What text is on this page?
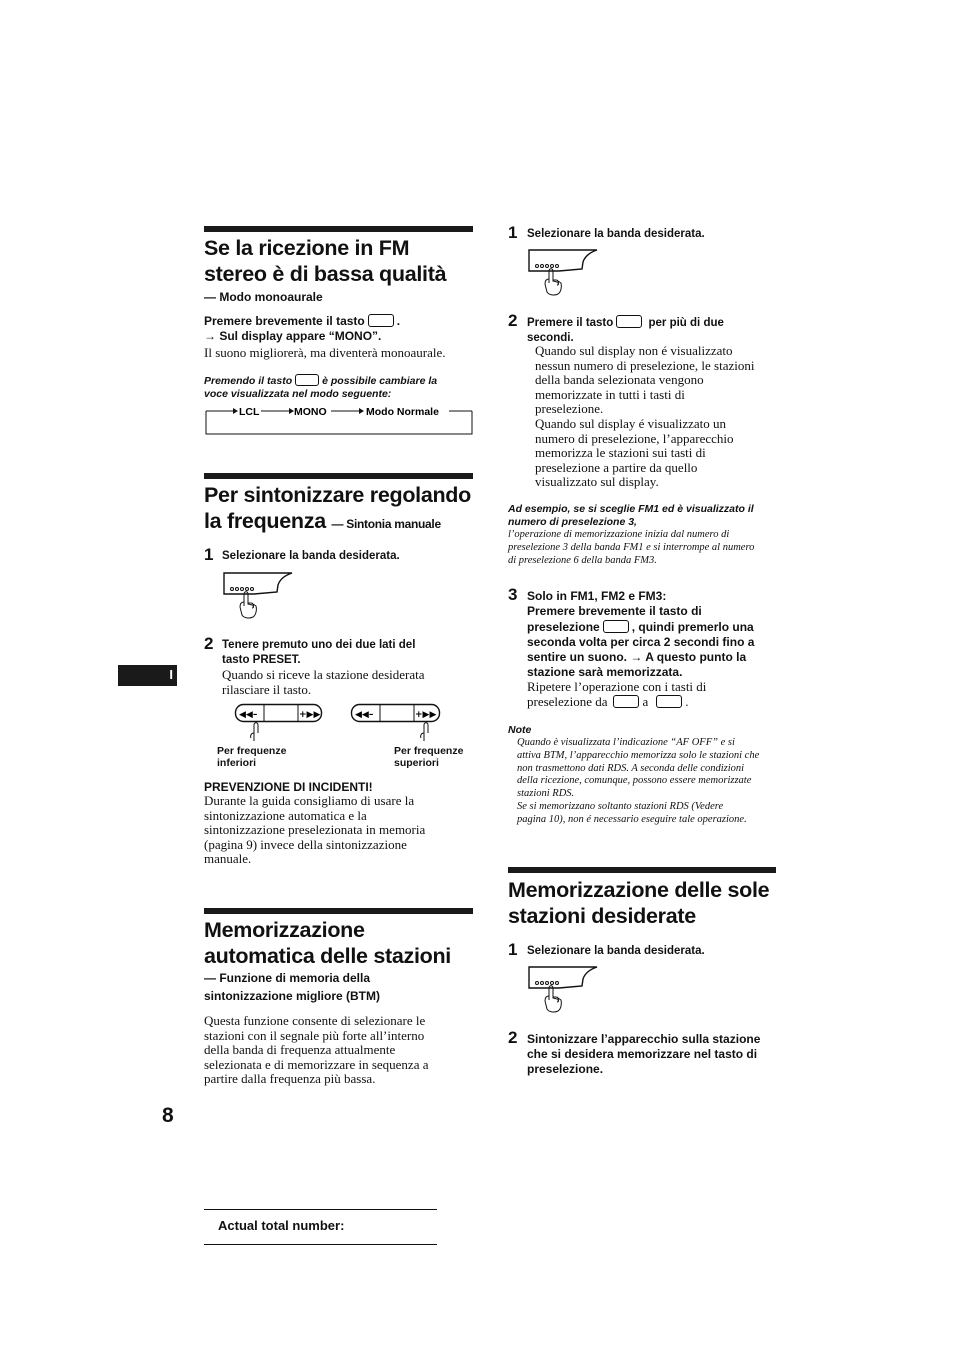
Se la ricezione in FM
stereo è di bassa qualità
— Modo monoaurale
Premere brevemente il tasto	.
→ Sul display appare “MONO”.
Il suono migliorerà, ma diventerà monoaurale.
Premendo il tasto	è possibile cambiare la
voce visualizzata nel modo seguente:
LCL	MONO	Modo Normale
Per sintonizzare regolando
la frequenza — Sintonia manuale
1 Selezionare la banda desiderata.
2 Tenere premuto uno dei due lati del
tasto PRESET.
Quando si riceve la stazione desiderata
rilasciare il tasto.
◀◀–	+▶▶	◀◀–	+▶▶
Per frequenze
inferiori
Per frequenze
superiori
PREVENZIONE DI INCIDENTI!
Durante la guida consigliamo di usare la
sintonizzazione automatica e la
sintonizzazione preselezionata in memoria
(pagina 9) invece della sintonizzazione
manuale.
I
Memorizzazione
automatica delle stazioni
— Funzione di memoria della
sintonizzazione migliore (BTM)
Questa funzione consente di selezionare le
stazioni con il segnale più forte all’interno
della banda di frequenza attualmente
selezionata e di memorizzare in sequenza a
partire dalla frequenza più bassa.
8
1 Selezionare la banda desiderata.
2 Premere il tasto	per più di due
secondi.
Quando sul display non é visualizzato
nessun numero di preselezione, le stazioni
della banda selezionata vengono
memorizzate in tutti i tasti di
preselezione.
Quando sul display é visualizzato un
numero di preselezione, l’apparecchio
memorizza le stazioni sui tasti di
preselezione a partire da quello
visualizzato sul display.
Ad esempio, se si sceglie FM1 ed è visualizzato il
numero di preselezione 3,
l’operazione di memorizzazione inizia dal numero di
preselezione 3 della banda FM1 e si interrompe al numero
di preselezione 6 della banda FM3.
3 Solo in FM1, FM2 e FM3:
Premere brevemente il tasto di
preselezione	, quindi premerlo una
seconda volta per circa 2 secondi fino a
sentire un suono. → A questo punto la
stazione sarà memorizzata.
Ripetere l’operazione con i tasti di
preselezione da	a	.
Note
Quando è visualizzata l’indicazione “AF OFF” e si
attiva BTM, l’apparecchio memorizza solo le stazioni che
non trasmettono dati RDS. A seconda delle condizioni
della ricezione, comunque, possono essere memorizzate
stazioni RDS.
Se si memorizzano soltanto stazioni RDS (Vedere
pagina 10), non é necessario eseguire tale operazione.
Memorizzazione delle sole
stazioni desiderate
1 Selezionare la banda desiderata.
2 Sintonizzare l’apparecchio sulla stazione
che si desidera memorizzare nel tasto di
preselezione.
Actual total number:
